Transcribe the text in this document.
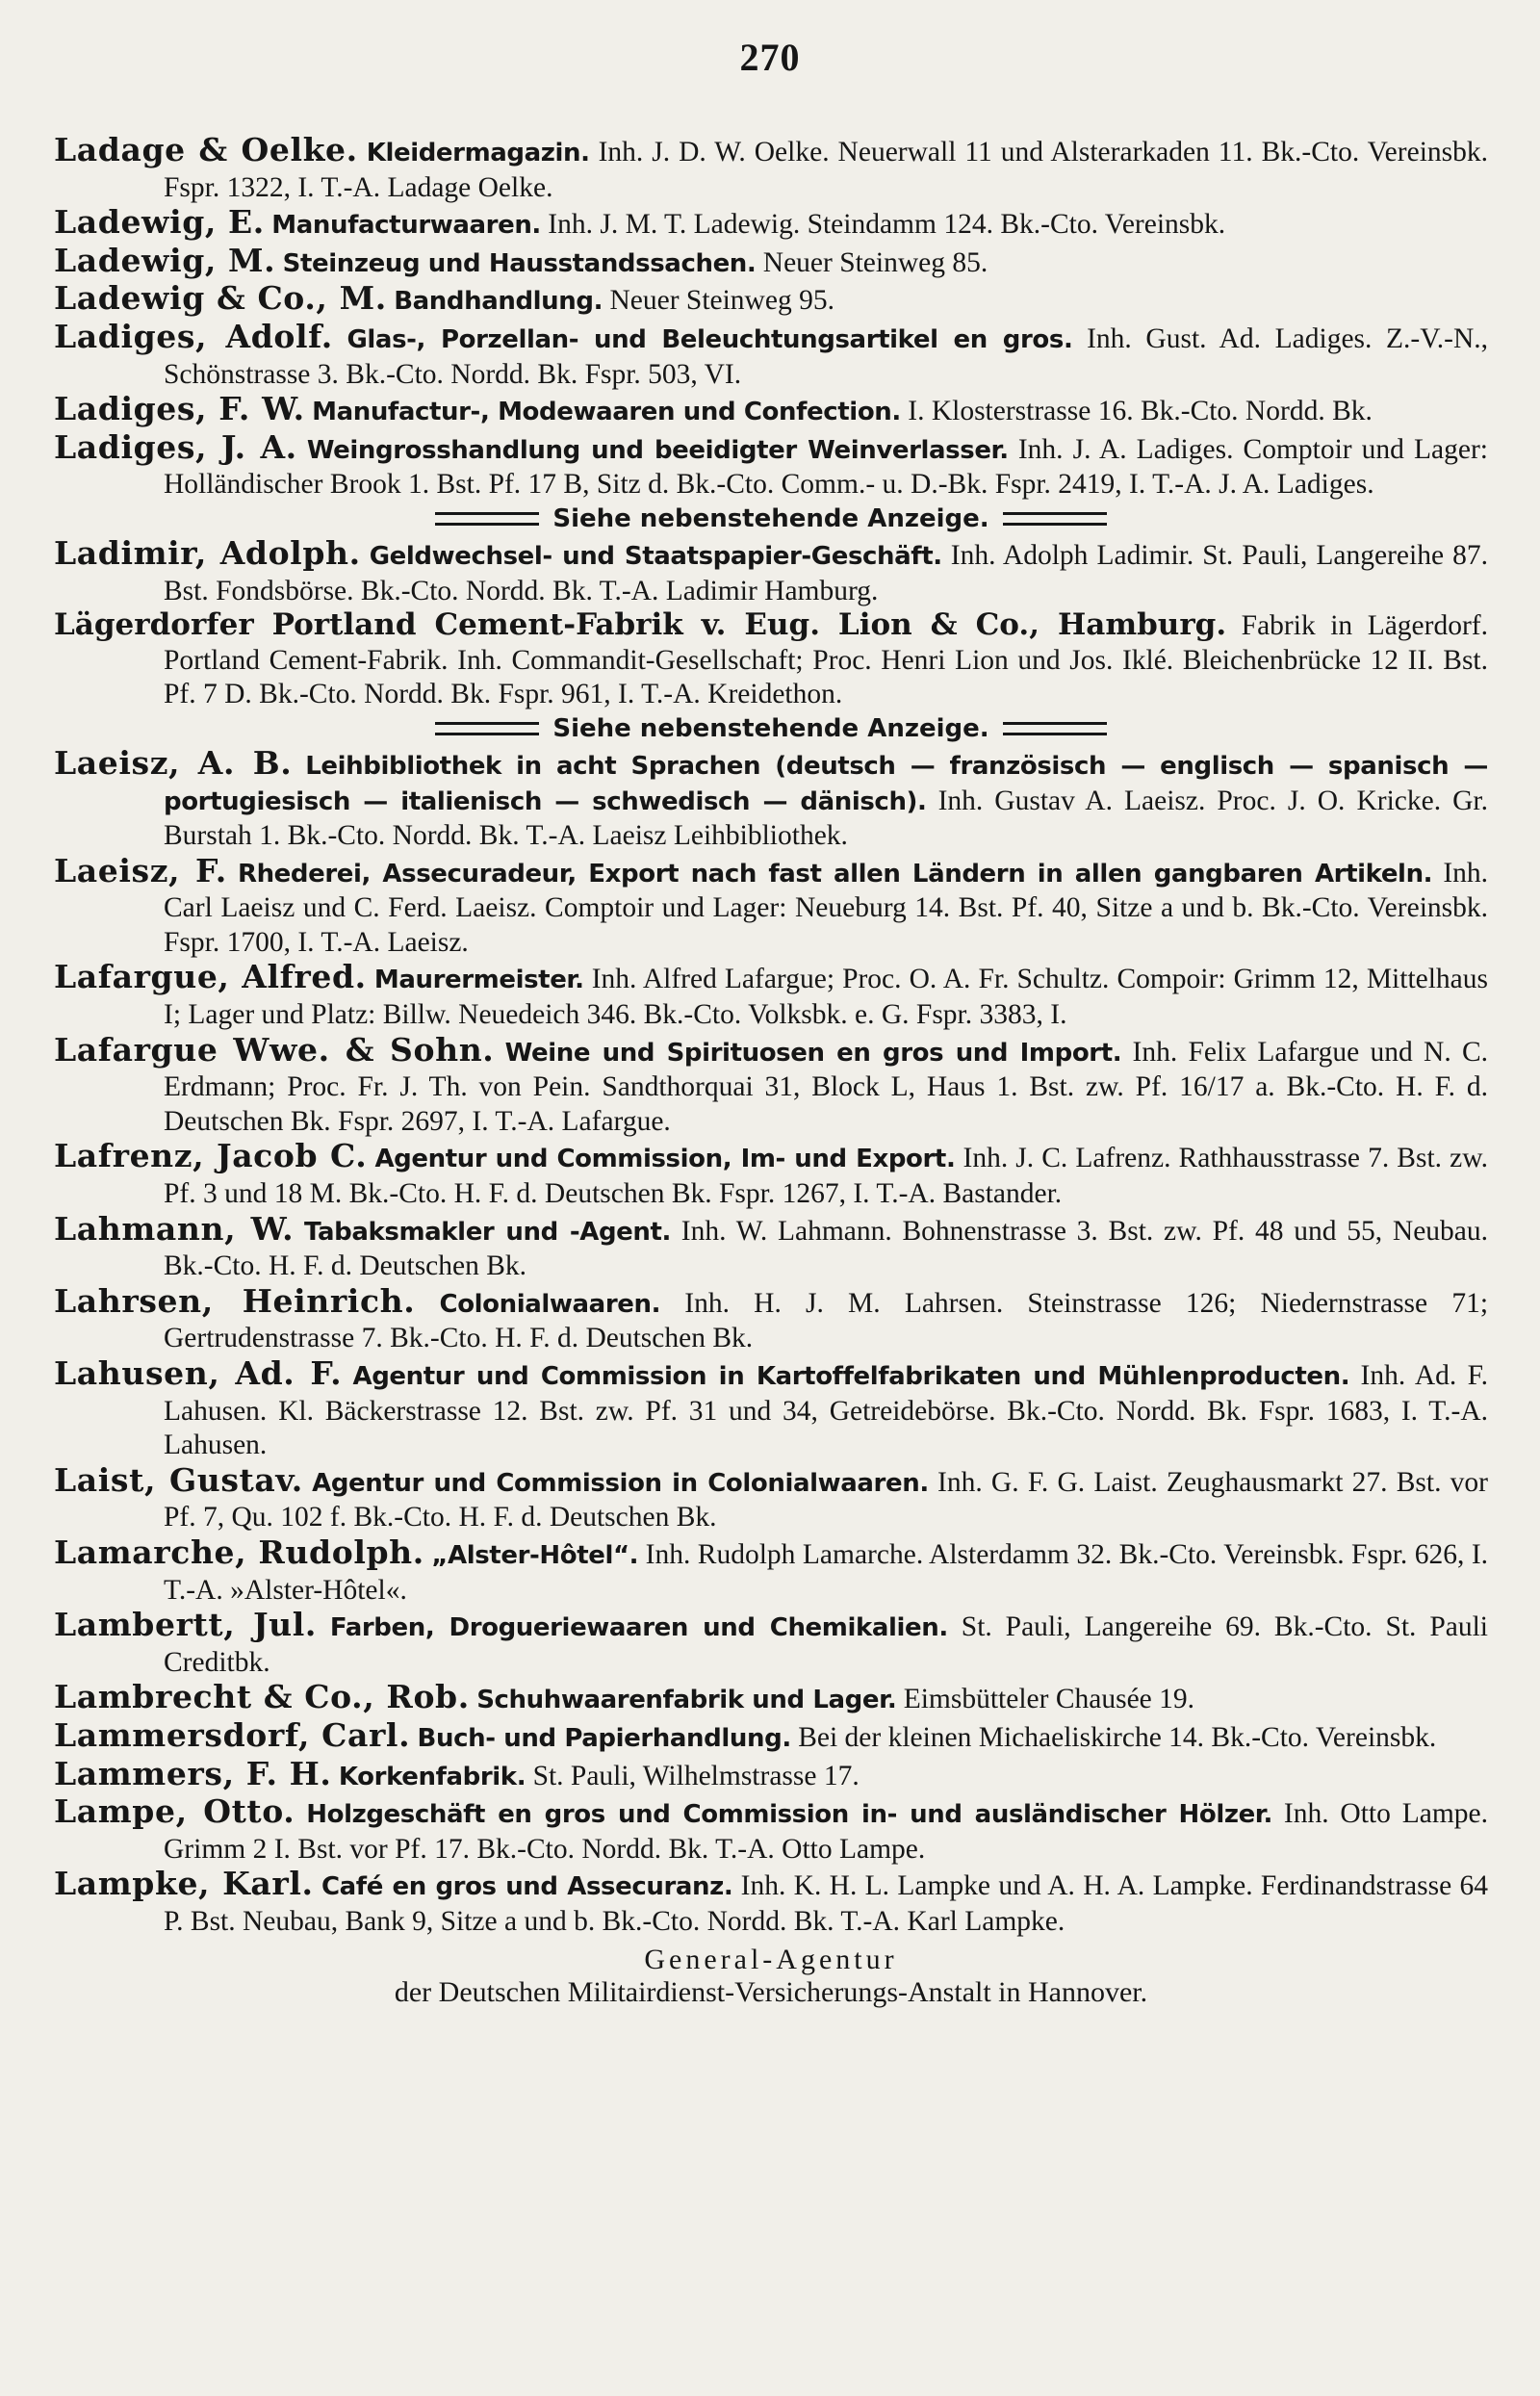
270
Ladage & Oelke. Kleidermagazin. Inh. J. D. W. Oelke. Neuerwall 11 und Alsterarkaden 11. Bk.-Cto. Vereinsbk. Fspr. 1322, I. T.-A. Ladage Oelke.
Ladewig, E. Manufacturwaaren. Inh. J. M. T. Ladewig. Steindamm 124. Bk.-Cto. Vereinsbk.
Ladewig, M. Steinzeug und Hausstandssachen. Neuer Steinweg 85.
Ladewig & Co., M. Bandhandlung. Neuer Steinweg 95.
Ladiges, Adolf. Glas-, Porzellan- und Beleuchtungsartikel en gros. Inh. Gust. Ad. Ladiges. Z.-V.-N., Schönstrasse 3. Bk.-Cto. Nordd. Bk. Fspr. 503, VI.
Ladiges, F. W. Manufactur-, Modewaaren und Confection. I. Klosterstrasse 16. Bk.-Cto. Nordd. Bk.
Ladiges, J. A. Weingrosshandlung und beeidigter Weinverlasser. Inh. J. A. Ladiges. Comptoir und Lager: Holländischer Brook 1. Bst. Pf. 17 B, Sitz d. Bk.-Cto. Comm.- u. D.-Bk. Fspr. 2419, I. T.-A. J. A. Ladiges.
Siehe nebenstehende Anzeige.
Ladimir, Adolph. Geldwechsel- und Staatspapier-Geschäft. Inh. Adolph Ladimir. St. Pauli, Langereihe 87. Bst. Fondsbörse. Bk.-Cto. Nordd. Bk. T.-A. Ladimir Hamburg.
Lägerdorfer Portland Cement-Fabrik v. Eug. Lion & Co., Hamburg. Fabrik in Lägerdorf. Portland Cement-Fabrik. Inh. Commandit-Gesellschaft; Proc. Henri Lion und Jos. Iklé. Bleichenbrücke 12 II. Bst. Pf. 7 D. Bk.-Cto. Nordd. Bk. Fspr. 961, I. T.-A. Kreidethon.
Siehe nebenstehende Anzeige.
Laeisz, A. B. Leihbibliothek in acht Sprachen (deutsch — französisch — englisch — spanisch — portugiesisch — italienisch — schwedisch — dänisch). Inh. Gustav A. Laeisz. Proc. J. O. Kricke. Gr. Burstah 1. Bk.-Cto. Nordd. Bk. T.-A. Laeisz Leihbibliothek.
Laeisz, F. Rhederei, Assecuradeur, Export nach fast allen Ländern in allen gangbaren Artikeln. Inh. Carl Laeisz und C. Ferd. Laeisz. Comptoir und Lager: Neueburg 14. Bst. Pf. 40, Sitze a und b. Bk.-Cto. Vereinsbk. Fspr. 1700, I. T.-A. Laeisz.
Lafargue, Alfred. Maurermeister. Inh. Alfred Lafargue; Proc. O. A. Fr. Schultz. Compoir: Grimm 12, Mittelhaus I; Lager und Platz: Billw. Neuedeich 346. Bk.-Cto. Volksbk. e. G. Fspr. 3383, I.
Lafargue Wwe. & Sohn. Weine und Spirituosen en gros und Import. Inh. Felix Lafargue und N. C. Erdmann; Proc. Fr. J. Th. von Pein. Sandthorquai 31, Block L, Haus 1. Bst. zw. Pf. 16/17 a. Bk.-Cto. H. F. d. Deutschen Bk. Fspr. 2697, I. T.-A. Lafargue.
Lafrenz, Jacob C. Agentur und Commission, Im- und Export. Inh. J. C. Lafrenz. Rathhausstrasse 7. Bst. zw. Pf. 3 und 18 M. Bk.-Cto. H. F. d. Deutschen Bk. Fspr. 1267, I. T.-A. Bastander.
Lahmann, W. Tabaksmakler und -Agent. Inh. W. Lahmann. Bohnenstrasse 3. Bst. zw. Pf. 48 und 55, Neubau. Bk.-Cto. H. F. d. Deutschen Bk.
Lahrsen, Heinrich. Colonialwaaren. Inh. H. J. M. Lahrsen. Steinstrasse 126; Niedernstrasse 71; Gertrudenstrasse 7. Bk.-Cto. H. F. d. Deutschen Bk.
Lahusen, Ad. F. Agentur und Commission in Kartoffelfabrikaten und Mühlenproducten. Inh. Ad. F. Lahusen. Kl. Bäckerstrasse 12. Bst. zw. Pf. 31 und 34, Getreidebörse. Bk.-Cto. Nordd. Bk. Fspr. 1683, I. T.-A. Lahusen.
Laist, Gustav. Agentur und Commission in Colonialwaaren. Inh. G. F. G. Laist. Zeughausmarkt 27. Bst. vor Pf. 7, Qu. 102 f. Bk.-Cto. H. F. d. Deutschen Bk.
Lamarche, Rudolph. „Alster-Hôtel“. Inh. Rudolph Lamarche. Alsterdamm 32. Bk.-Cto. Vereinsbk. Fspr. 626, I. T.-A. »Alster-Hôtel«.
Lambertt, Jul. Farben, Drogueriewaaren und Chemikalien. St. Pauli, Langereihe 69. Bk.-Cto. St. Pauli Creditbk.
Lambrecht & Co., Rob. Schuhwaarenfabrik und Lager. Eimsbütteler Chausée 19.
Lammersdorf, Carl. Buch- und Papierhandlung. Bei der kleinen Michaeliskirche 14. Bk.-Cto. Vereinsbk.
Lammers, F. H. Korkenfabrik. St. Pauli, Wilhelmstrasse 17.
Lampe, Otto. Holzgeschäft en gros und Commission in- und ausländischer Hölzer. Inh. Otto Lampe. Grimm 2 I. Bst. vor Pf. 17. Bk.-Cto. Nordd. Bk. T.-A. Otto Lampe.
Lampke, Karl. Café en gros und Assecuranz. Inh. K. H. L. Lampke und A. H. A. Lampke. Ferdinandstrasse 64 P. Bst. Neubau, Bank 9, Sitze a und b. Bk.-Cto. Nordd. Bk. T.-A. Karl Lampke.
General-Agentur
der Deutschen Militairdienst-Versicherungs-Anstalt in Hannover.
